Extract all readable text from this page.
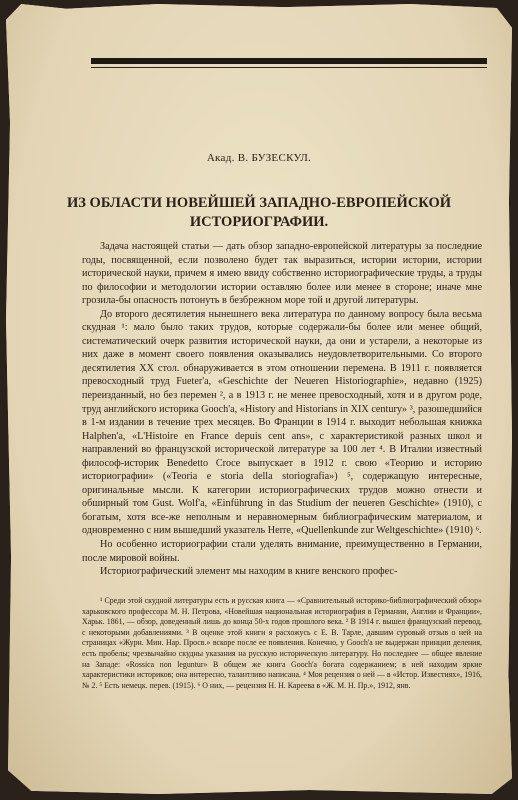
Акад. В. БУЗЕСКУЛ.
ИЗ ОБЛАСТИ НОВЕЙШЕЙ ЗАПАДНО-ЕВРОПЕЙСКОЙ
ИСТОРИОГРАФИИ.

Задача настоящей статьи — дать обзор западно-европейской литературы за последние годы, посвященной, если позволено будет так выразиться, истории истории, истории исторической науки, причем я имею ввиду собственно историографические труды, а труды по философии и методологии истории оставляю более или менее в стороне; иначе мне грозила-бы опасность потонуть в безбрежном море той и другой литературы.

До второго десятилетия нынешнего века литература по данному вопросу была весьма скудная ¹: мало было таких трудов, которые содержали-бы более или менее общий, систематический очерк развития исторической науки, да они и устарели, а некоторые из них даже в момент своего появления оказывались неудовлетворительными. Со второго десятилетия XX стол. обнаруживается в этом отношении перемена. В 1911 г. появляется превосходный труд Fueter'a, «Geschichte der Neueren Historiographie», недавно (1925) переизданный, но без перемен ², а в 1913 г. не менее превосходный, хотя и в другом роде, труд английского историка Gooch'a, «History and Historians in XIX century» ³, разошедшийся в 1-м издании в течение трех месяцев. Во Франции в 1914 г. выходит небольшая книжка Halphen'a, «L'Histoire en France depuis cent ans», с характеристикой разных школ и направлений во французской исторической литературе за 100 лет ⁴. В Италии известный философ-историк Benedetto Croce выпускает в 1912 г. свою «Теорию и историю историографии» («Teoria e storia della storiografia») ⁵, содержащую интересные, оригинальные мысли. К категории историографических трудов можно отнести и обширный том Gust. Wolf'a, «Einführung in das Studium der neueren Geschichte» (1910), с богатым, хотя все-же неполным и неравномерным библиографическим материалом, и одновременно с ним вышедший указатель Herre, «Quellenkunde zur Weltgeschichte» (1910) ⁶.

Но особенно историографии стали уделять внимание, преимущественно в Германии, после мировой войны.

Историографический элемент мы находим в книге венского профес-

¹ Среди этой скудной литературы есть и русская книга — «Сравнительный историко-библиографический обзор» харьковского профессора М. Н. Петрова, «Новейшая национальная историография в Германии, Англии и Франции», Харьк. 1861, — обзор, доведенный лишь до конца 50-х годов прошлого века. ² В 1914 г. вышел французский перевод, с некоторыми добавлениями. ³ В оценке этой книги я расхожусь с Е. В. Тарле, давшим суровый отзыв о ней на страницах «Журн. Мин. Нар. Просв.» вскоре после ее появления. Конечно, у Gooch'a не выдержан принцип деления, есть пробелы; чрезвычайно скудны указания на русскую историческую литературу. Но последнее — общее явление на Западе: «Rossica non leguntur» В общем же книга Gooch'a богата содержанием; в ней находим яркие характеристики историков; она интересно, талантливо написана. ⁴ Моя рецензия о ней — в «Истор. Известиях», 1916, № 2. ⁵ Есть немецк. перев. (1915). ⁶ О них, — рецензия Н. Н. Кареева в «Ж. М. Н. Пр.», 1912, янв.
